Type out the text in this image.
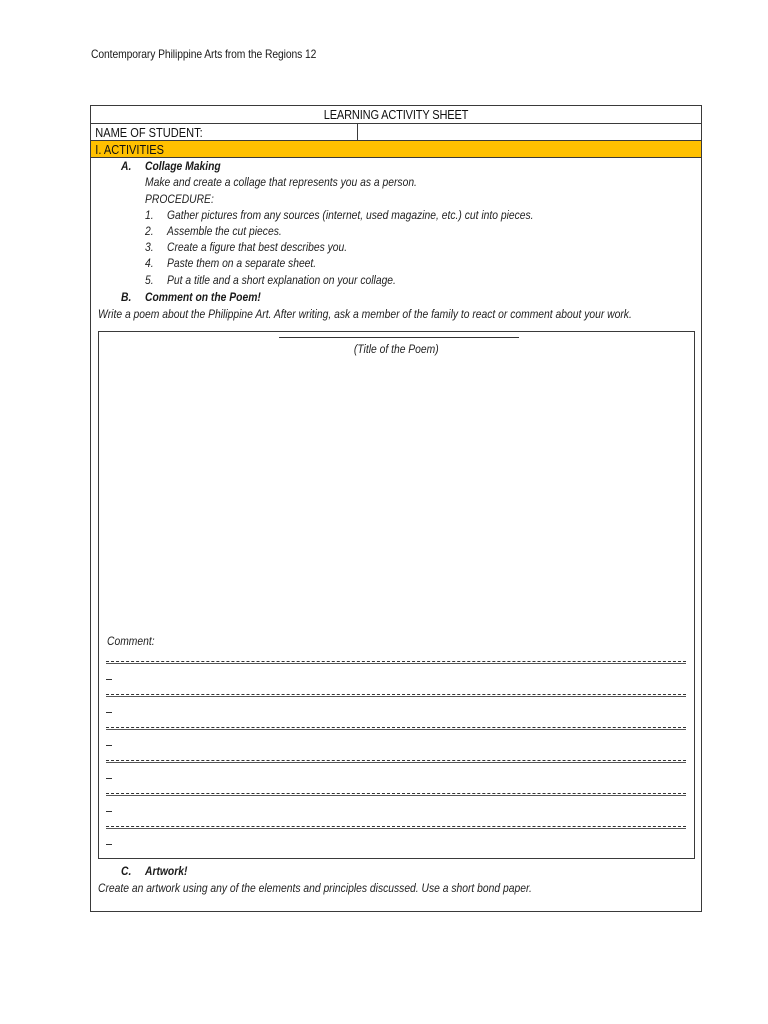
Contemporary Philippine Arts from the Regions 12
LEARNING ACTIVITY SHEET
NAME OF STUDENT:
I. ACTIVITIES
A. Collage Making
Make and create a collage that represents you as a person.
PROCEDURE:
1. Gather pictures from any sources (internet, used magazine, etc.) cut into pieces.
2. Assemble the cut pieces.
3. Create a figure that best describes you.
4. Paste them on a separate sheet.
5. Put a title and a short explanation on your collage.
B. Comment on the Poem!
Write a poem about the Philippine Art. After writing, ask a member of the family to react or comment about your work.
(Title of the Poem)
Comment:
C. Artwork!
Create an artwork using any of the elements and principles discussed. Use a short bond paper.
